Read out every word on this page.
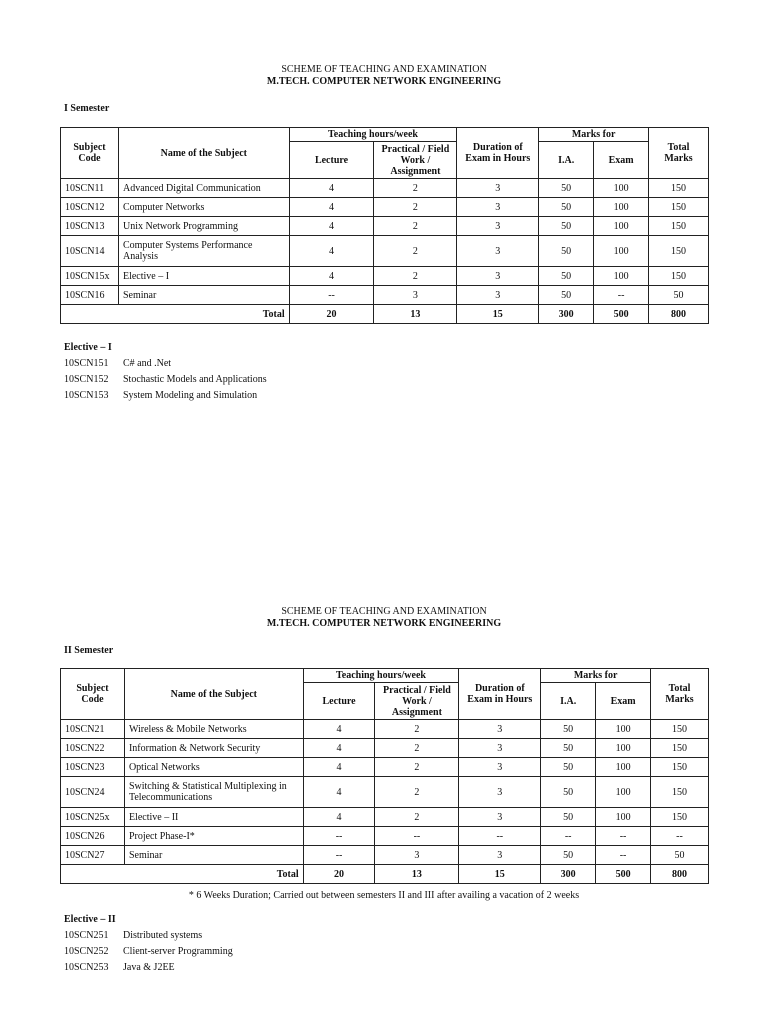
SCHEME OF TEACHING AND EXAMINATION
M.TECH. COMPUTER NETWORK ENGINEERING
I Semester
Subject Code	Name of the Subject	Teaching hours/week		Duration of Exam in Hours	Marks for		Total Marks
		Lecture	Practical / Field Work / Assignment		I.A.	Exam	
10SCN11	Advanced Digital Communication	4	2	3	50	100	150
10SCN12	Computer Networks	4	2	3	50	100	150
10SCN13	Unix Network Programming	4	2	3	50	100	150
10SCN14	Computer Systems Performance Analysis	4	2	3	50	100	150
10SCN15x	Elective – I	4	2	3	50	100	150
10SCN16	Seminar	--	3	3	50	--	50
Total		20	13	15	300	500	800
Elective – I
10SCN151 C# and .Net
10SCN152 Stochastic Models and Applications
10SCN153 System Modeling and Simulation
SCHEME OF TEACHING AND EXAMINATION
M.TECH. COMPUTER NETWORK ENGINEERING
II Semester
Subject Code	Name of the Subject	Teaching hours/week		Duration of Exam in Hours	Marks for		Total Marks
		Lecture	Practical / Field Work / Assignment		I.A.	Exam	
10SCN21	Wireless & Mobile Networks	4	2	3	50	100	150
10SCN22	Information & Network Security	4	2	3	50	100	150
10SCN23	Optical Networks	4	2	3	50	100	150
10SCN24	Switching & Statistical Multiplexing in Telecommunications	4	2	3	50	100	150
10SCN25x	Elective – II	4	2	3	50	100	150
10SCN26	Project Phase-I*	--	--	--	--	--	--
10SCN27	Seminar	--	3	3	50	--	50
Total		20	13	15	300	500	800
* 6 Weeks Duration; Carried out between semesters II and III after availing a vacation of 2 weeks
Elective – II
10SCN251 Distributed systems
10SCN252 Client-server Programming
10SCN253 Java & J2EE
